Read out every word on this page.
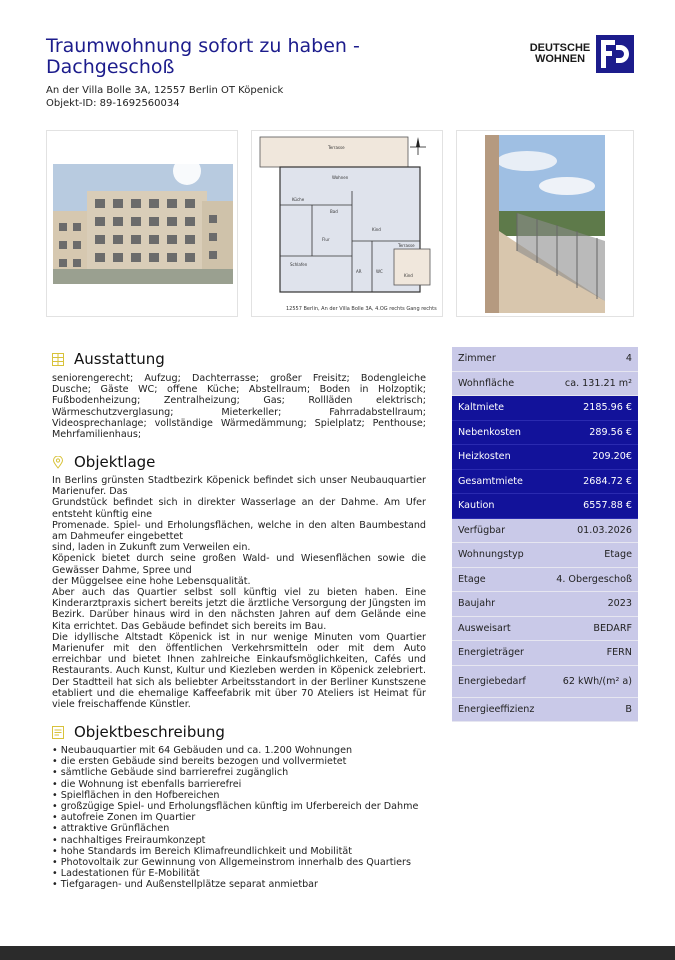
Traumwohnung sofort zu haben - Dachgeschoß
An der Villa Bolle 3A, 12557 Berlin OT Köpenick
Objekt-ID: 89-1692560034
DEUTSCHE
WOHNEN
Terrasse
Wohnen
Küche
Bad
Kind
Schlafen
Flur
AR	WC
Terrasse
Kind
12557 Berlin, An der Villa Bolle 3A, 4.OG rechts Gang rechts
Ausstattung
seniorengerecht; Aufzug; Dachterrasse; großer Freisitz; Bodengleiche Dusche; Gäste WC; offene Küche; Abstellraum; Boden in Holzoptik; Fußbodenheizung; Zentralheizung; Gas; Rollläden elektrisch; Wärmeschutzverglasung; Mieterkeller; Fahrradabstellraum; Videosprechanlage; vollständige Wärmedämmung; Spielplatz; Penthouse; Mehrfamilienhaus;
Objektlage

In Berlins grünsten Stadtbezirk Köpenick befindet sich unser Neubauquartier Marienufer. Das

Grundstück befindet sich in direkter Wasserlage an der Dahme. Am Ufer entsteht künftig eine

Promenade. Spiel- und Erholungsflächen, welche in den alten Baumbestand am Dahmeufer eingebettet

sind, laden in Zukunft zum Verweilen ein.

Köpenick bietet durch seine großen Wald- und Wiesenflächen sowie die Gewässer Dahme, Spree und

der Müggelsee eine hohe Lebensqualität.

Aber auch das Quartier selbst soll künftig viel zu bieten haben. Eine Kinderarztpraxis sichert bereits jetzt die ärztliche Versorgung der Jüngsten im Bezirk. Darüber hinaus wird in den nächsten Jahren auf dem Gelände eine Kita errichtet. Das Gebäude befindet sich bereits im Bau.

Die idyllische Altstadt Köpenick ist in nur wenige Minuten vom Quartier Marienufer mit den öffentlichen Verkehrsmitteln oder mit dem Auto erreichbar und bietet Ihnen zahlreiche Einkaufsmöglichkeiten, Cafés und Restaurants. Auch Kunst, Kultur und Kiezleben werden in Köpenick zelebriert. Der Stadtteil hat sich als beliebter Arbeitsstandort in der Berliner Kunstszene etabliert und die ehemalige Kaffeefabrik mit über 70 Ateliers ist Heimat für viele freischaffende Künstler.

Objektbeschreibung
• Neubauquartier mit 64 Gebäuden und ca. 1.200 Wohnungen
• die ersten Gebäude sind bereits bezogen und vollvermietet
• sämtliche Gebäude sind barrierefrei zugänglich
• die Wohnung ist ebenfalls barrierefrei
• Spielflächen in den Hofbereichen
• großzügige Spiel- und Erholungsflächen künftig im Uferbereich der Dahme
• autofreie Zonen im Quartier
• attraktive Grünflächen
• nachhaltiges Freiraumkonzept
• hohe Standards im Bereich Klimafreundlichkeit und Mobilität
• Photovoltaik zur Gewinnung von Allgemeinstrom innerhalb des Quartiers
• Ladestationen für E-Mobilität
• Tiefgaragen- und Außenstellplätze separat anmietbar
Zimmer	4
Wohnfläche	ca. 131.21 m²
Kaltmiete	2185.96 €
Nebenkosten	289.56 €
Heizkosten	209.20€
Gesamtmiete	2684.72 €
Kaution	6557.88 €
Verfügbar	01.03.2026
Wohnungstyp	Etage
Etage	4. Obergeschoß
Baujahr	2023
Ausweisart	BEDARF
Energieträger	FERN
Energiebedarf	62 kWh/(m² a)
Energieeffizienz	B
